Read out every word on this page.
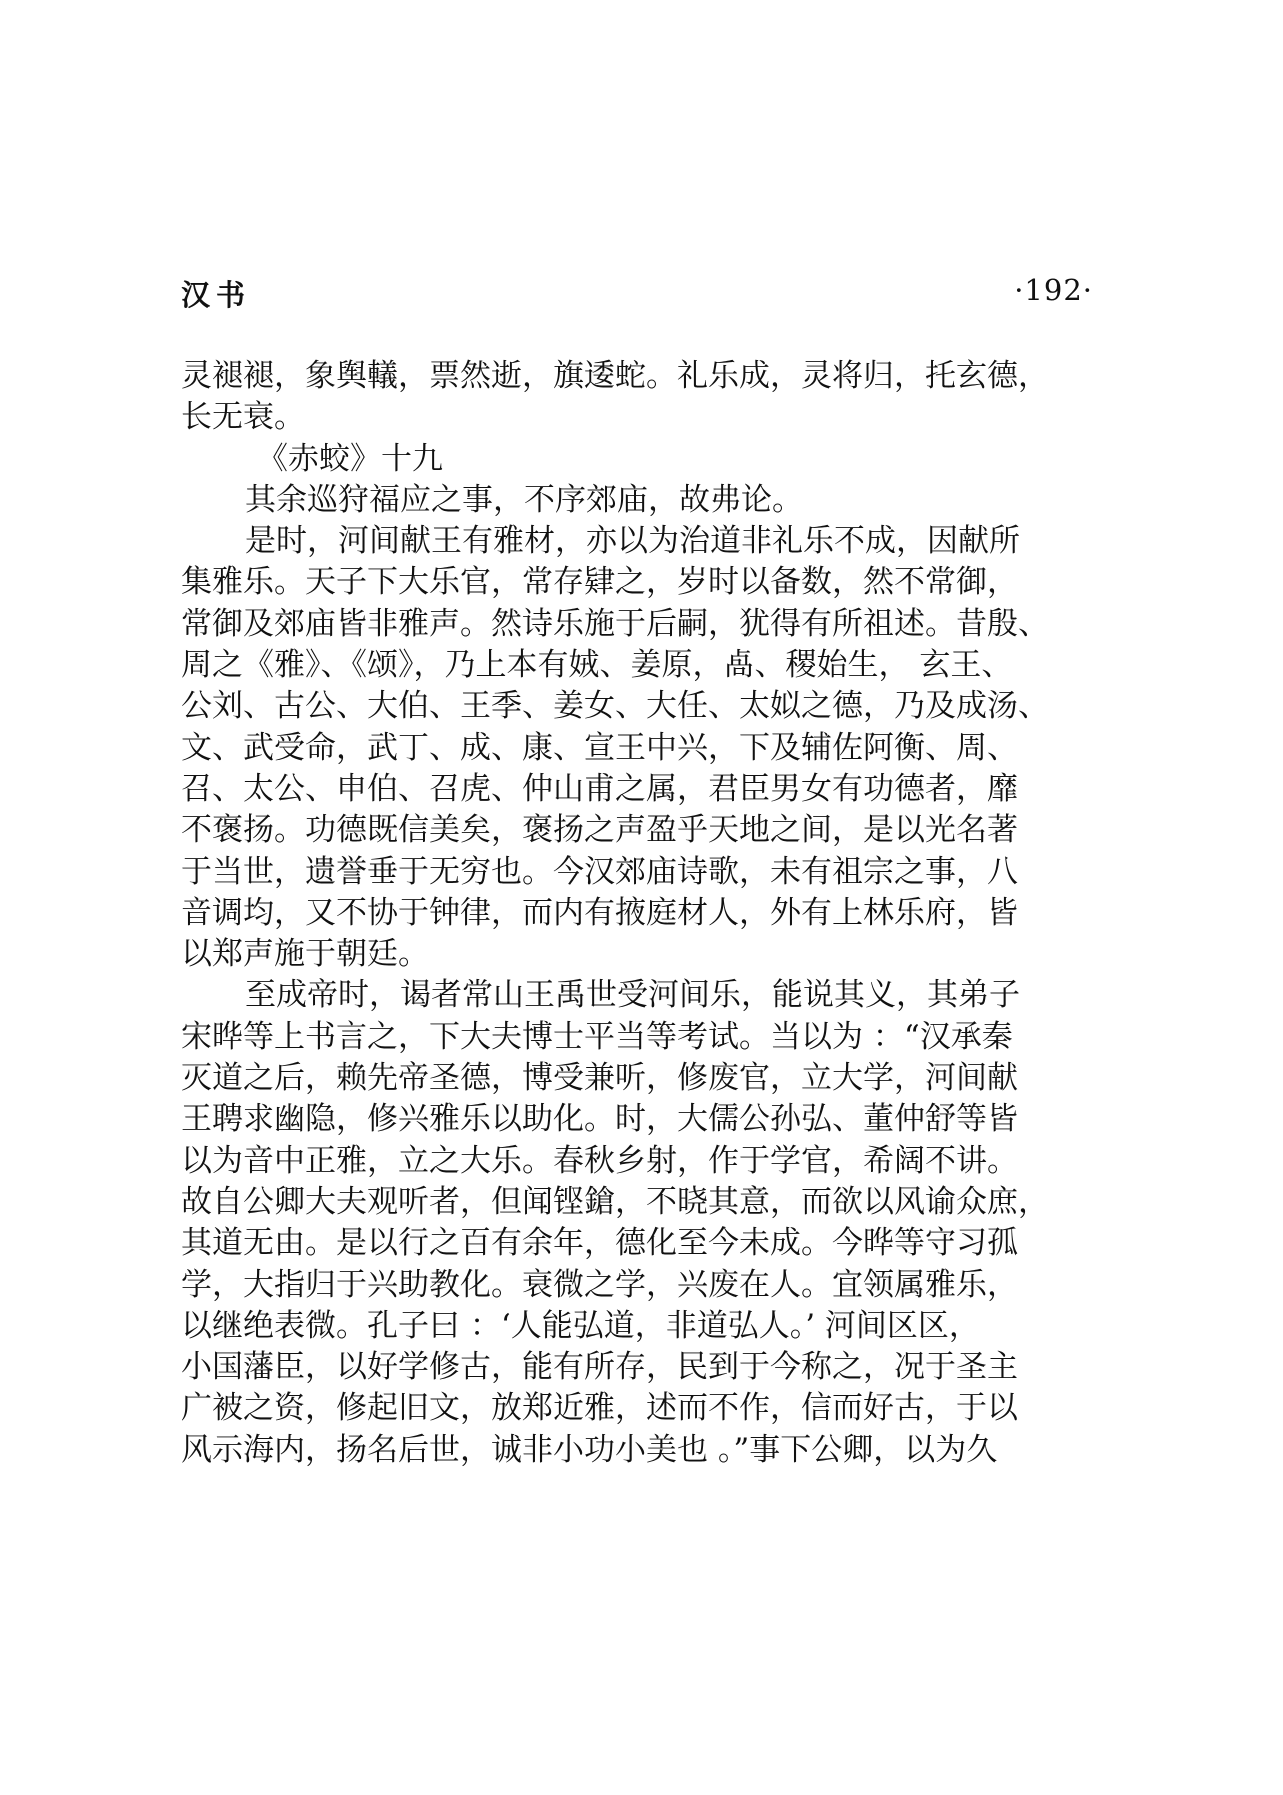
汉书	·192·
灵褪褪，象舆轙，票然逝，旗逶蛇。礼乐成，灵将归，托玄德，
长无衰。
《赤蛟》十九
其余巡狩福应之事，不序郊庙，故弗论。
是时，河间献王有雅材，亦以为治道非礼乐不成，因献所
集雅乐。天子下大乐官，常存肄之，岁时以备数，然不常御，
常御及郊庙皆非雅声。然诗乐施于后嗣，犹得有所祖述。昔殷、
周之《雅》、《颂》，乃上本有娀、姜原，卨、稷始生， 玄王、
公刘、古公、大伯、王季、姜女、大任、太姒之德，乃及成汤、
文、武受命，武丁、成、康、宣王中兴，下及辅佐阿衡、周、
召、太公、申伯、召虎、仲山甫之属，君臣男女有功德者，靡
不褒扬。功德既信美矣，褒扬之声盈乎天地之间，是以光名著
于当世，遗誉垂于无穷也。今汉郊庙诗歌，未有祖宗之事，八
音调均，又不协于钟律，而内有掖庭材人，外有上林乐府，皆
以郑声施于朝廷。
至成帝时，谒者常山王禹世受河间乐，能说其义，其弟子
宋晔等上书言之，下大夫博士平当等考试。当以为 ：“汉承秦
灭道之后，赖先帝圣德，博受兼听，修废官，立大学，河间献
王聘求幽隐，修兴雅乐以助化。时，大儒公孙弘、董仲舒等皆
以为音中正雅，立之大乐。春秋乡射，作于学官，希阔不讲。
故自公卿大夫观听者，但闻铿鎗，不晓其意，而欲以风谕众庶，
其道无由。是以行之百有余年，德化至今未成。今晔等守习孤
学，大指归于兴助教化。衰微之学，兴废在人。宜领属雅乐，
以继绝表微。孔子曰 ：‘人能弘道，非道弘人。’ 河间区区，
小国藩臣，以好学修古，能有所存，民到于今称之，况于圣主
广被之资，修起旧文，放郑近雅，述而不作，信而好古，于以
风示海内，扬名后世，诚非小功小美也 。”事下公卿，以为久
